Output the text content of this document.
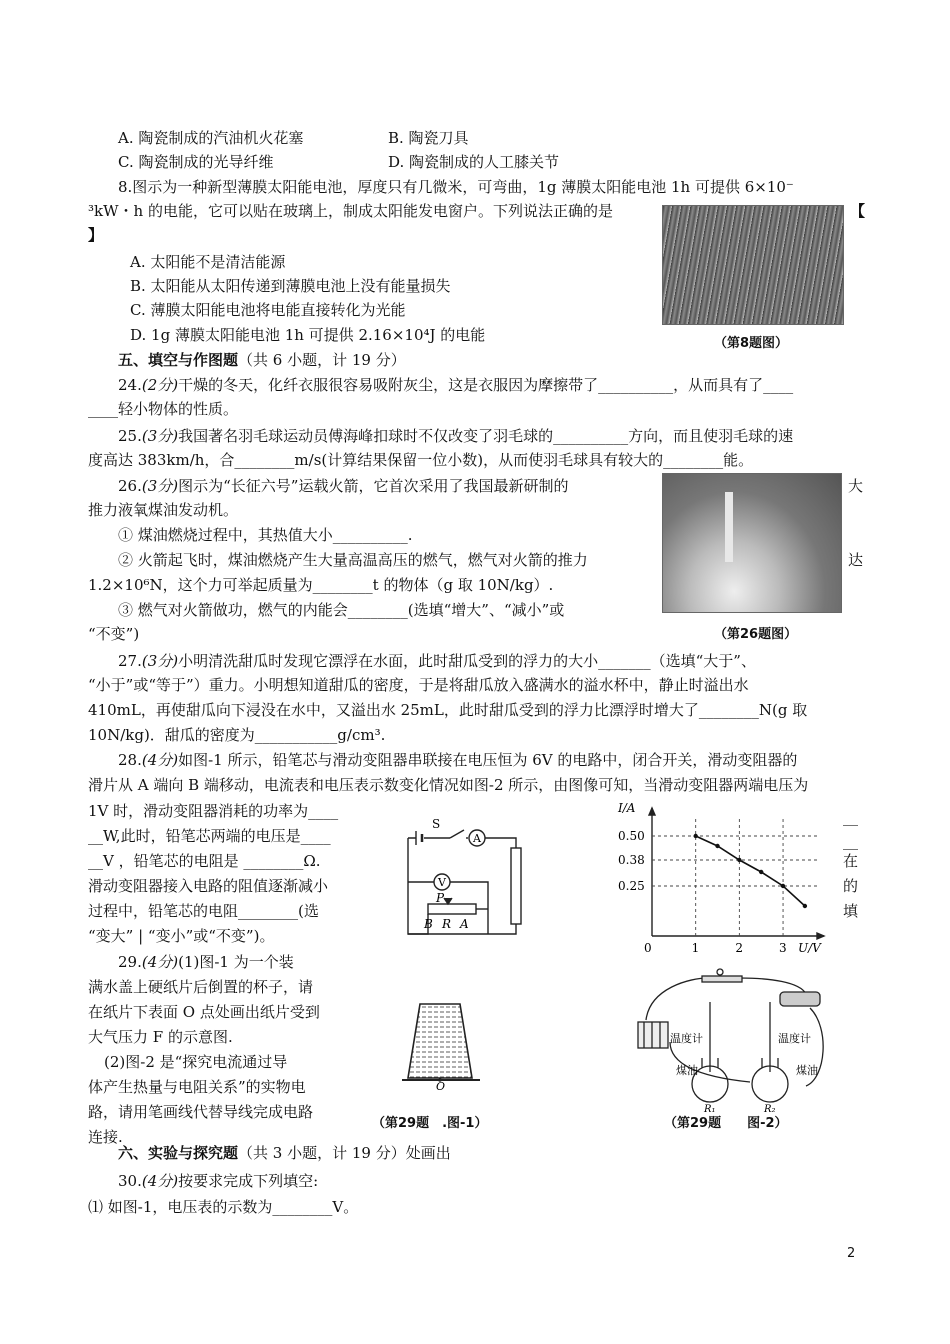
A. 陶瓷制成的汽油机火花塞	B. 陶瓷刀具
C. 陶瓷制成的光导纤维	D. 陶瓷制成的人工膝关节
8.图示为一种新型薄膜太阳能电池，厚度只有几微米，可弯曲，1g 薄膜太阳能电池 1h 可提供 6×10⁻
³kW・h 的电能，它可以贴在玻璃上，制成太阳能发电窗户。下列说法正确的是	【
】
A. 太阳能不是清洁能源
B. 太阳能从太阳传递到薄膜电池上没有能量损失
C. 薄膜太阳能电池将电能直接转化为光能
D. 1g 薄膜太阳能电池 1h 可提供 2.16×10⁴J 的电能	（第8题图）
五、填空与作图题（共 6 小题，计 19 分）
24.(2分)干燥的冬天，化纤衣服很容易吸附灰尘，这是衣服因为摩擦带了__________，从而具有了____
____轻小物体的性质。
25.(3分)我国著名羽毛球运动员傅海峰扣球时不仅改变了羽毛球的__________方向，而且使羽毛球的速
度高达 383km/h，合________m/s(计算结果保留一位小数)，从而使羽毛球具有较大的________能。
26.(3分)图示为“长征六号”运载火箭，它首次采用了我国最新研制的	大
推力液氧煤油发动机。
① 煤油燃烧过程中，其热值大小__________.
② 火箭起飞时，煤油燃烧产生大量高温高压的燃气，燃气对火箭的推力	达
1.2×10⁶N，这个力可举起质量为________t 的物体（g 取 10N/kg）.
③ 燃气对火箭做功，燃气的内能会________(选填“增大”、“减小”或
“不变”)	（第26题图）
27.(3分)小明清洗甜瓜时发现它漂浮在水面，此时甜瓜受到的浮力的大小_______（选填“大于”、
“小于”或“等于”）重力。小明想知道甜瓜的密度，于是将甜瓜放入盛满水的溢水杯中，静止时溢出水
410mL，再使甜瓜向下浸没在水中，又溢出水 25mL，此时甜瓜受到的浮力比漂浮时增大了________N(g 取
10N/kg)．甜瓜的密度为___________g/cm³.
28.(4分)如图-1 所示，铅笔芯与滑动变阻器串联接在电压恒为 6V 的电路中，闭合开关，滑动变阻器的
滑片从 A 端向 B 端移动，电流表和电压表示数变化情况如图-2 所示，由图像可知，当滑动变阻器两端电压为
1V 时，滑动变阻器消耗的功率为____
__W,此时，铅笔芯两端的电压是____
__V ，铅笔芯的电阻是 ________Ω.
滑动变阻器接入电路的阻值逐渐减小
过程中，铅笔芯的电阻________(选
“变大” | “变小”或“不变”)。
__
__
在
的
填
S
A
V
P
B R A
I/A
U/V
0
0.50
0.38
0.25
1	2	3
29.(4分)(1)图-1 为一个装
满水盖上硬纸片后倒置的杯子，请
在纸片下表面 O 点处画出纸片受到
大气压力 F 的示意图.
(2)图-2 是“探究电流通过导
体产生热量与电阻关系”的实物电
路，请用笔画线代替导线完成电路
连接.
O
（第29题　.图-1）
温度计	温度计
煤油	煤油
R₁	R₂
（第29题　　图-2）
六、实验与探究题（共 3 小题，计 19 分）处画出
30.(4分)按要求完成下列填空:
⑴ 如图-1，电压表的示数为________V。
2
